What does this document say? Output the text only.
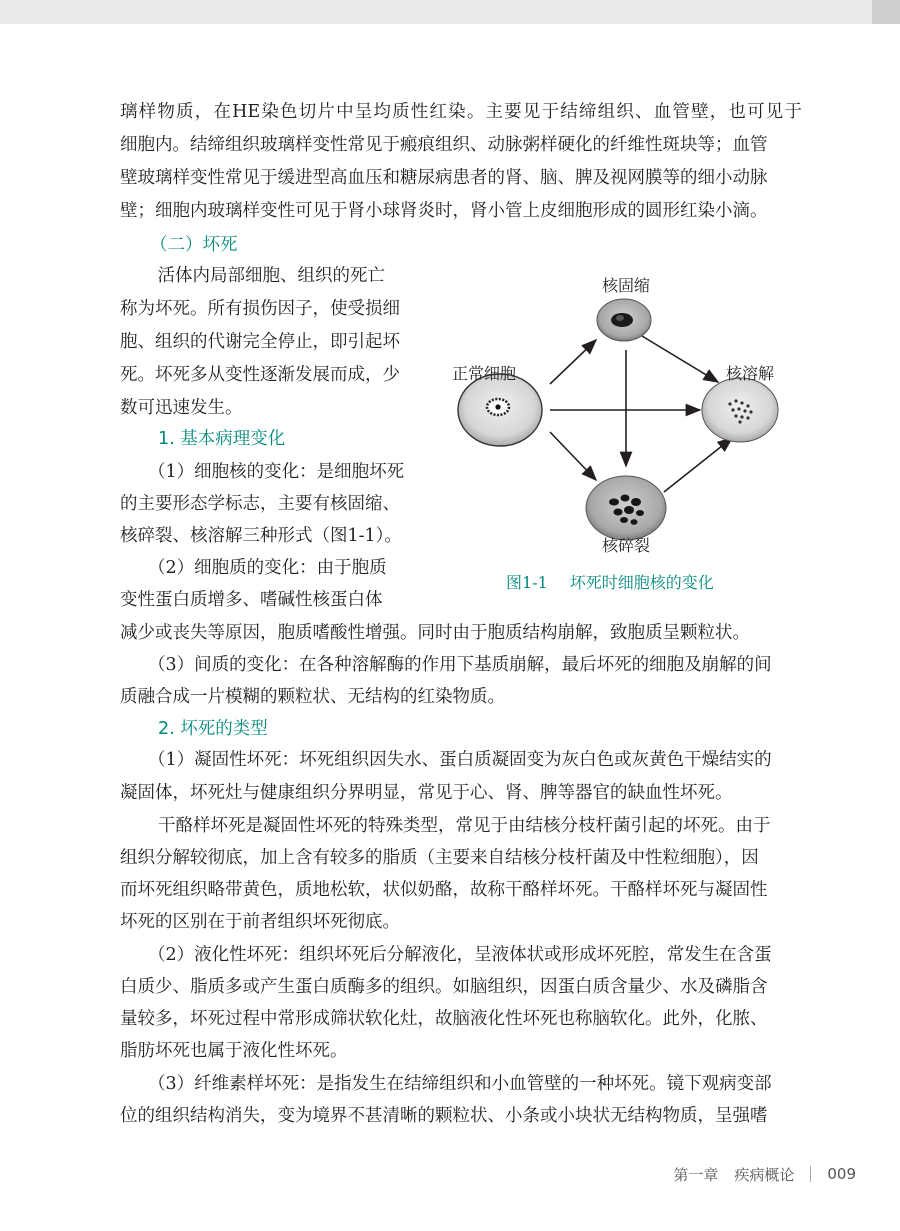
璃样物质，在HE染色切片中呈均质性红染。主要见于结缔组织、血管壁，也可见于
细胞内。结缔组织玻璃样变性常见于瘢痕组织、动脉粥样硬化的纤维性斑块等；血管
壁玻璃样变性常见于缓进型高血压和糖尿病患者的肾、脑、脾及视网膜等的细小动脉
壁；细胞内玻璃样变性可见于肾小球肾炎时，肾小管上皮细胞形成的圆形红染小滴。
（二）坏死
　活体内局部细胞、组织的死亡
称为坏死。所有损伤因子，使受损细
胞、组织的代谢完全停止，即引起坏
死。坏死多从变性逐渐发展而成，少
数可迅速发生。
1. 基本病理变化
（1）细胞核的变化：是细胞坏死
的主要形态学标志，主要有核固缩、
核碎裂、核溶解三种形式（图1-1）。
（2）细胞质的变化：由于胞质
变性蛋白质增多、嗜碱性核蛋白体
减少或丧失等原因，胞质嗜酸性增强。同时由于胞质结构崩解，致胞质呈颗粒状。
（3）间质的变化：在各种溶解酶的作用下基质崩解，最后坏死的细胞及崩解的间
质融合成一片模糊的颗粒状、无结构的红染物质。
2. 坏死的类型
（1）凝固性坏死：坏死组织因失水、蛋白质凝固变为灰白色或灰黄色干燥结实的
凝固体，坏死灶与健康组织分界明显，常见于心、肾、脾等器官的缺血性坏死。
干酪样坏死是凝固性坏死的特殊类型，常见于由结核分枝杆菌引起的坏死。由于
组织分解较彻底，加上含有较多的脂质（主要来自结核分枝杆菌及中性粒细胞），因
而坏死组织略带黄色，质地松软，状似奶酪，故称干酪样坏死。干酪样坏死与凝固性
坏死的区别在于前者组织坏死彻底。
（2）液化性坏死：组织坏死后分解液化，呈液体状或形成坏死腔，常发生在含蛋
白质少、脂质多或产生蛋白质酶多的组织。如脑组织，因蛋白质含量少、水及磷脂含
量较多，坏死过程中常形成筛状软化灶，故脑液化性坏死也称脑软化。此外，化脓、
脂肪坏死也属于液化性坏死。
（3）纤维素样坏死：是指发生在结缔组织和小血管壁的一种坏死。镜下观病变部
位的组织结构消失，变为境界不甚清晰的颗粒状、小条或小块状无结构物质，呈强嗜
核固缩
正常细胞	核溶解
核碎裂
图1-1 坏死时细胞核的变化
第一章 疾病概论 009
